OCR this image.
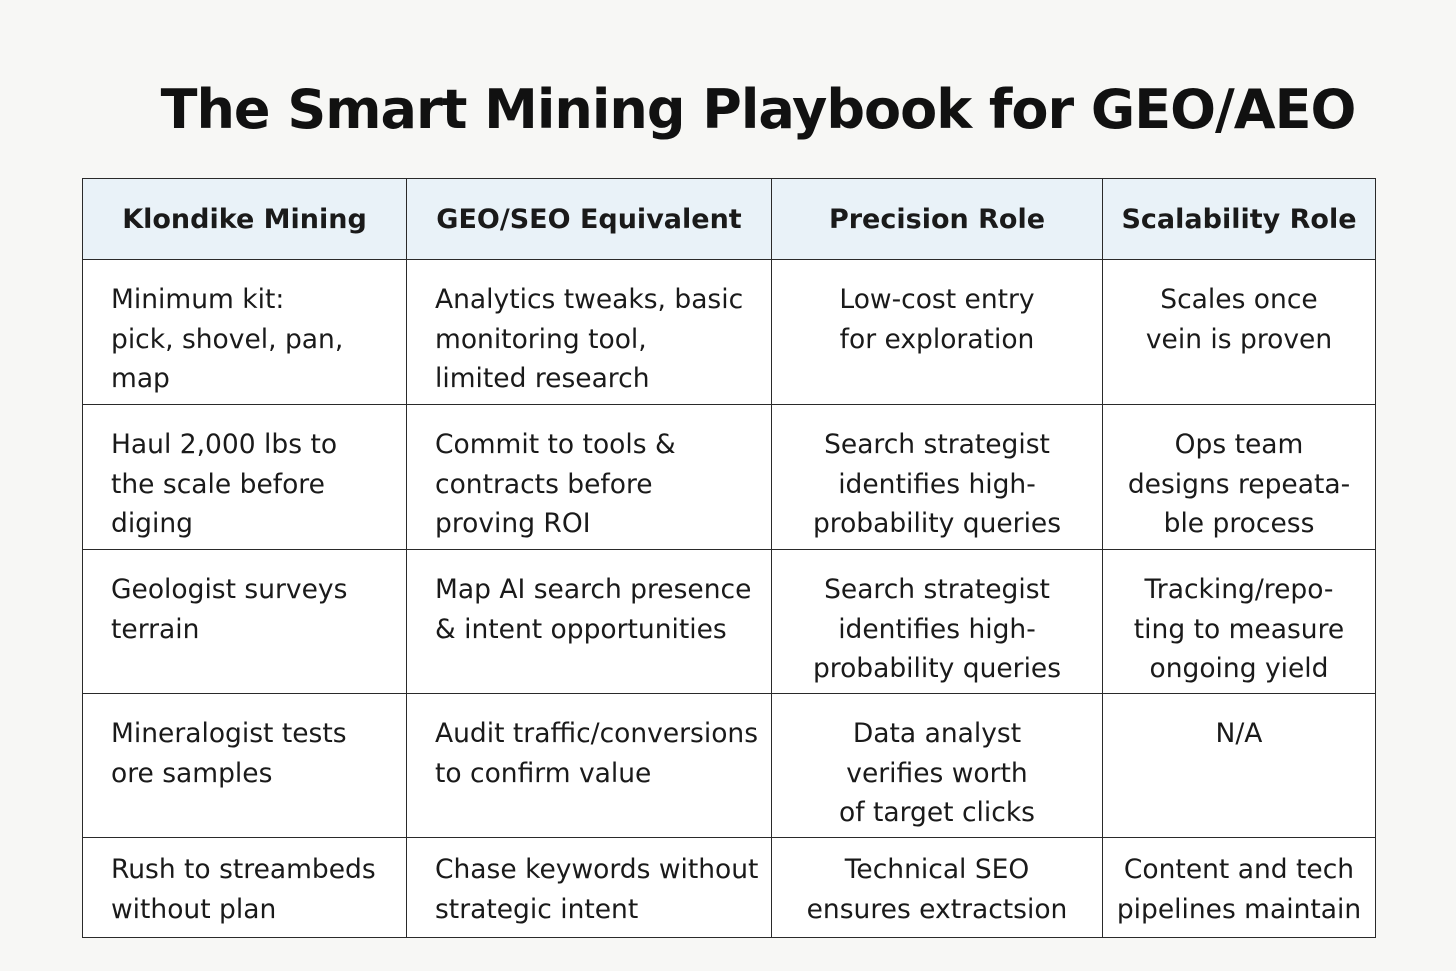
The Smart Mining Playbook for GEO/AEO
Klondike Mining	GEO/SEO Equivalent	Precision Role	Scalability Role

Minimum kit:
pick, shovel, pan, map	Analytics tweaks, basic
monitoring tool,
limited research	Low-cost entry
for exploration	Scales once
vein is proven

Haul 2,000 lbs to
the scale before diging	Commit to tools &
contracts before
proving ROI	Search strategist
identifies high-
probability queries	Ops team
designs repeata-
ble process

Geologist surveys
terrain	Map AI search presence
& intent opportunities	Search strategist
identifies high-
probability queries	Tracking/repo-
ting to measure
ongoing yield

Mineralogist tests
ore samples	Audit traffic/conversions
to confirm value	Data analyst
verifies worth
of target clicks	N/A

Rush to streambeds
without plan	Chase keywords without
strategic intent	Technical SEO
ensures extractsion	Content and tech
pipelines maintain
